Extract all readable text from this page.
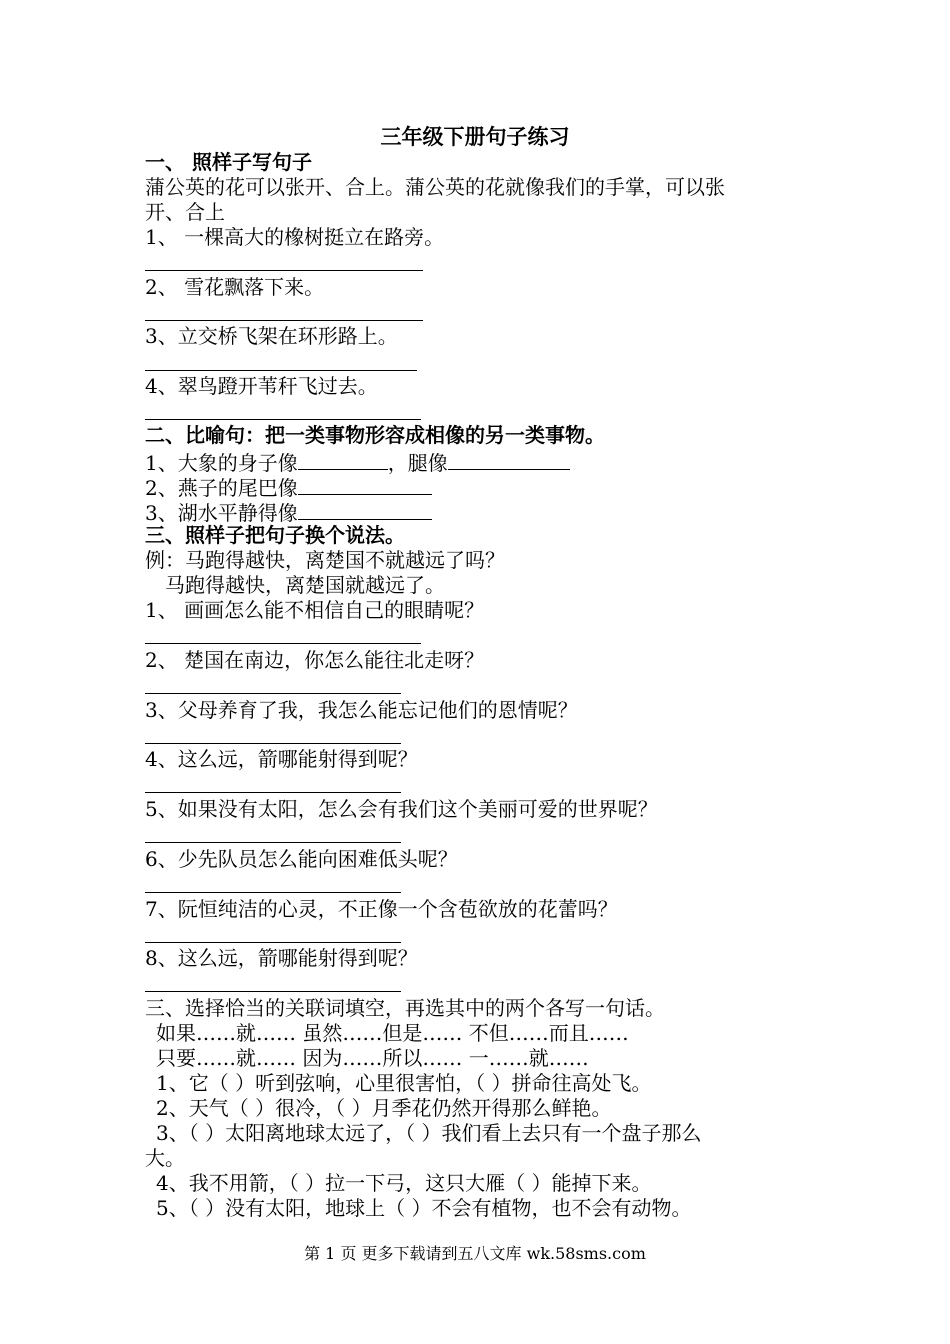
三年级下册句子练习
一、 照样子写句子
蒲公英的花可以张开、合上。蒲公英的花就像我们的手掌，可以张
开、合上
1、 一棵高大的橡树挺立在路旁。
2、 雪花飘落下来。
3、立交桥飞架在环形路上。
4、翠鸟蹬开苇秆飞过去。
二、比喻句：把一类事物形容成相像的另一类事物。
1、大象的身子像	，腿像
2、燕子的尾巴像
3、湖水平静得像
三、照样子把句子换个说法。
例：马跑得越快，离楚国不就越远了吗？
马跑得越快，离楚国就越远了。
1、 画画怎么能不相信自己的眼睛呢？
2、 楚国在南边，你怎么能往北走呀？
3、父母养育了我，我怎么能忘记他们的恩情呢？
4、这么远，箭哪能射得到呢？
5、如果没有太阳，怎么会有我们这个美丽可爱的世界呢？
6、少先队员怎么能向困难低头呢？
7、阮恒纯洁的心灵，不正像一个含苞欲放的花蕾吗？
8、这么远，箭哪能射得到呢？
三、选择恰当的关联词填空，再选其中的两个各写一句话。
如果……就…… 虽然……但是…… 不但……而且……
只要……就…… 因为……所以…… 一……就……
1、它（ ）听到弦响，心里很害怕，（ ）拼命往高处飞。
2、天气（ ）很冷，（ ）月季花仍然开得那么鲜艳。
3、（ ）太阳离地球太远了，（ ）我们看上去只有一个盘子那么
大。
4、我不用箭，（ ）拉一下弓，这只大雁（ ）能掉下来。
5、（ ）没有太阳，地球上（ ）不会有植物，也不会有动物。
第 1 页 更多下载请到五八文库 wk.58sms.com
